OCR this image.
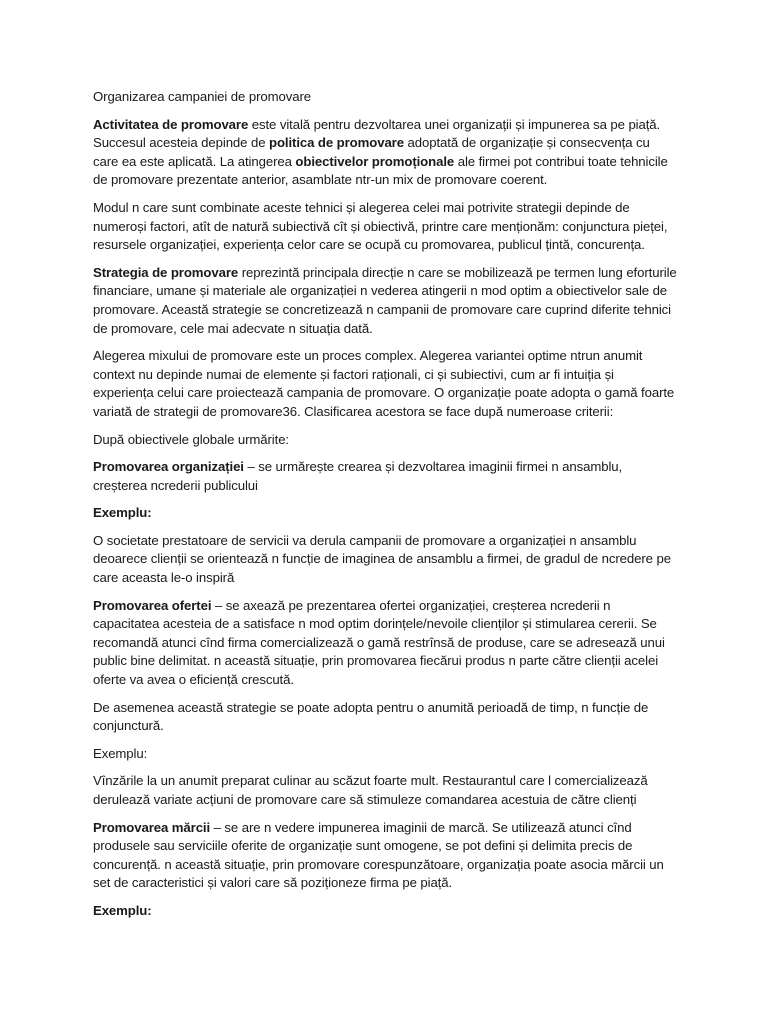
Organizarea campaniei de promovare

Activitatea de promovare este vitală pentru dezvoltarea unei organizații și impunerea sa pe piață. Succesul acesteia depinde de politica de promovare adoptată de organizație și consecvența cu care ea este aplicată. La atingerea obiectivelor promoționale ale firmei pot contribui toate tehnicile de promovare prezentate anterior, asamblate ntr-un mix de promovare coerent.

Modul n care sunt combinate aceste tehnici și alegerea celei mai potrivite strategii depinde de numeroși factori, atît de natură subiectivă cît și obiectivă, printre care menționăm: conjunctura pieței, resursele organizației, experiența celor care se ocupă cu promovarea, publicul țintă, concurența.

Strategia de promovare reprezintă principala direcție n care se mobilizează pe termen lung eforturile financiare, umane și materiale ale organizației n vederea atingerii n mod optim a obiectivelor sale de promovare. Această strategie se concretizează n campanii de promovare care cuprind diferite tehnici de promovare, cele mai adecvate n situația dată.

Alegerea mixului de promovare este un proces complex. Alegerea variantei optime ntrun anumit context nu depinde numai de elemente și factori raționali, ci și subiectivi, cum ar fi intuiția și experiența celui care proiectează campania de promovare. O organizație poate adopta o gamă foarte variată de strategii de promovare36. Clasificarea acestora se face după numeroase criterii:

După obiectivele globale urmărite:

Promovarea organizației – se urmărește crearea și dezvoltarea imaginii firmei n ansamblu, creșterea ncrederii publicului

Exemplu:

O societate prestatoare de servicii va derula campanii de promovare a organizației n ansamblu deoarece clienții se orientează n funcție de imaginea de ansamblu a firmei, de gradul de ncredere pe care aceasta le-o inspiră

Promovarea ofertei – se axează pe prezentarea ofertei organizației, creșterea ncrederii n capacitatea acesteia de a satisface n mod optim dorințele/nevoile clienților și stimularea cererii. Se recomandă atunci cînd firma comercializează o gamă restrînsă de produse, care se adresează unui public bine delimitat. n această situație, prin promovarea fiecărui produs n parte către clienții acelei oferte va avea o eficiență crescută.

De asemenea această strategie se poate adopta pentru o anumită perioadă de timp, n funcție de conjunctură.

Exemplu:

Vînzările la un anumit preparat culinar au scăzut foarte mult. Restaurantul care l comercializează derulează variate acțiuni de promovare care să stimuleze comandarea acestuia de către clienți

Promovarea mărcii – se are n vedere impunerea imaginii de marcă. Se utilizează atunci cînd produsele sau serviciile oferite de organizație sunt omogene, se pot defini și delimita precis de concurență. n această situație, prin promovare corespunzătoare, organizația poate asocia mărcii un set de caracteristici și valori care să poziționeze firma pe piață.

Exemplu:
